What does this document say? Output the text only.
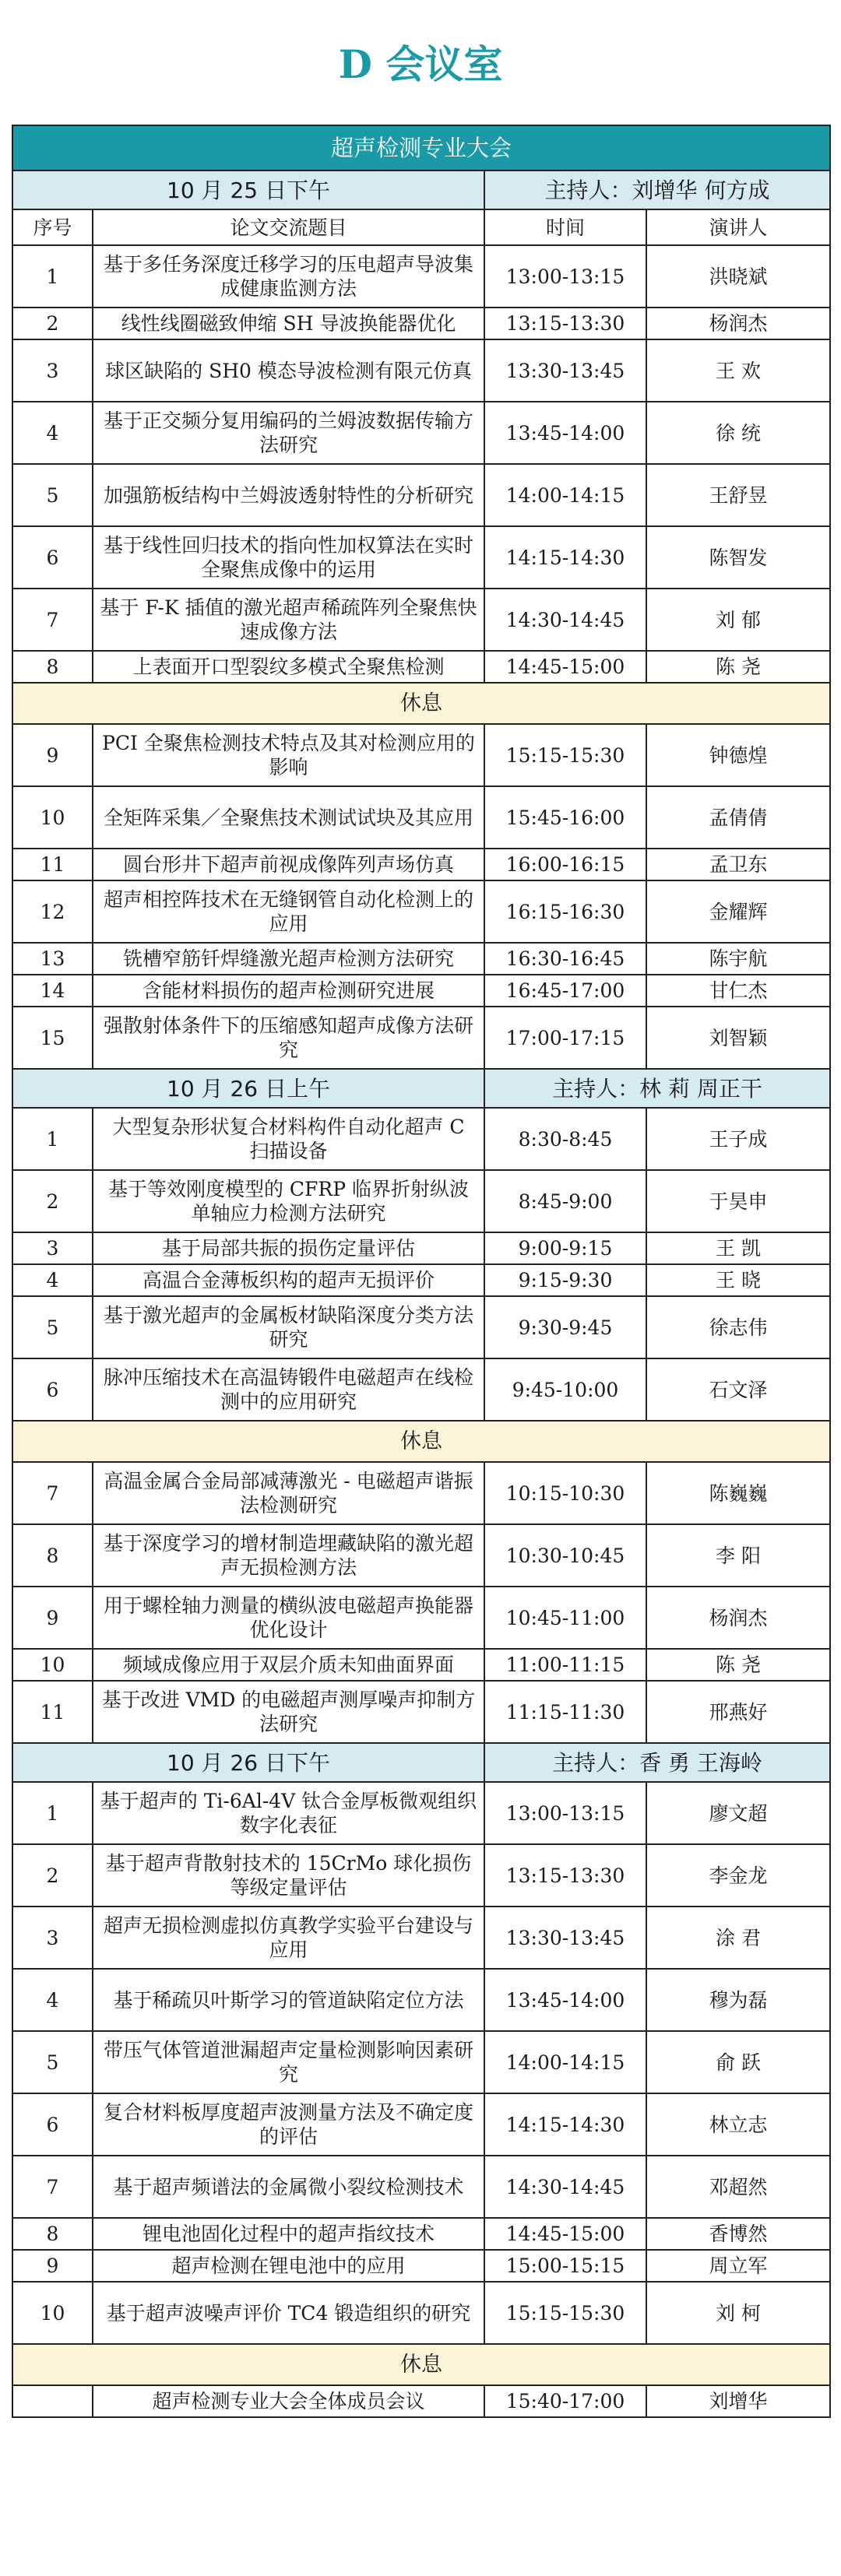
D 会议室
超声检测专业大会			
10 月 25 日下午		主持人：刘增华 何方成	
序号	论文交流题目	时间	演讲人
1	基于多任务深度迁移学习的压电超声导波集成健康监测方法	13:00-13:15	洪晓斌
2	线性线圈磁致伸缩 SH 导波换能器优化	13:15-13:30	杨润杰
3	球区缺陷的 SH0 模态导波检测有限元仿真	13:30-13:45	王 欢
4	基于正交频分复用编码的兰姆波数据传输方法研究	13:45-14:00	徐 统
5	加强筋板结构中兰姆波透射特性的分析研究	14:00-14:15	王舒昱
6	基于线性回归技术的指向性加权算法在实时全聚焦成像中的运用	14:15-14:30	陈智发
7	基于 F-K 插值的激光超声稀疏阵列全聚焦快速成像方法	14:30-14:45	刘 郁
8	上表面开口型裂纹多模式全聚焦检测	14:45-15:00	陈 尧
休息			
9	PCI 全聚焦检测技术特点及其对检测应用的影响	15:15-15:30	钟德煌
10	全矩阵采集／全聚焦技术测试试块及其应用	15:45-16:00	孟倩倩
11	圆台形井下超声前视成像阵列声场仿真	16:00-16:15	孟卫东
12	超声相控阵技术在无缝钢管自动化检测上的应用	16:15-16:30	金耀辉
13	铣槽窄筋钎焊缝激光超声检测方法研究	16:30-16:45	陈宇航
14	含能材料损伤的超声检测研究进展	16:45-17:00	甘仁杰
15	强散射体条件下的压缩感知超声成像方法研究	17:00-17:15	刘智颖
10 月 26 日上午		主持人：林 莉 周正干	
1	大型复杂形状复合材料构件自动化超声 C 扫描设备	8:30-8:45	王子成
2	基于等效刚度模型的 CFRP 临界折射纵波单轴应力检测方法研究	8:45-9:00	于昊申
3	基于局部共振的损伤定量评估	9:00-9:15	王 凯
4	高温合金薄板织构的超声无损评价	9:15-9:30	王 晓
5	基于激光超声的金属板材缺陷深度分类方法研究	9:30-9:45	徐志伟
6	脉冲压缩技术在高温铸锻件电磁超声在线检测中的应用研究	9:45-10:00	石文泽
休息			
7	高温金属合金局部减薄激光 - 电磁超声谐振法检测研究	10:15-10:30	陈巍巍
8	基于深度学习的增材制造埋藏缺陷的激光超声无损检测方法	10:30-10:45	李 阳
9	用于螺栓轴力测量的横纵波电磁超声换能器优化设计	10:45-11:00	杨润杰
10	频域成像应用于双层介质未知曲面界面	11:00-11:15	陈 尧
11	基于改进 VMD 的电磁超声测厚噪声抑制方法研究	11:15-11:30	邢燕好
10 月 26 日下午		主持人：香 勇 王海岭	
1	基于超声的 Ti-6Al-4V 钛合金厚板微观组织数字化表征	13:00-13:15	廖文超
2	基于超声背散射技术的 15CrMo 球化损伤等级定量评估	13:15-13:30	李金龙
3	超声无损检测虚拟仿真教学实验平台建设与应用	13:30-13:45	涂 君
4	基于稀疏贝叶斯学习的管道缺陷定位方法	13:45-14:00	穆为磊
5	带压气体管道泄漏超声定量检测影响因素研究	14:00-14:15	俞 跃
6	复合材料板厚度超声波测量方法及不确定度的评估	14:15-14:30	林立志
7	基于超声频谱法的金属微小裂纹检测技术	14:30-14:45	邓超然
8	锂电池固化过程中的超声指纹技术	14:45-15:00	香博然
9	超声检测在锂电池中的应用	15:00-15:15	周立军
10	基于超声波噪声评价 TC4 锻造组织的研究	15:15-15:30	刘 柯
休息			
	超声检测专业大会全体成员会议	15:40-17:00	刘增华
